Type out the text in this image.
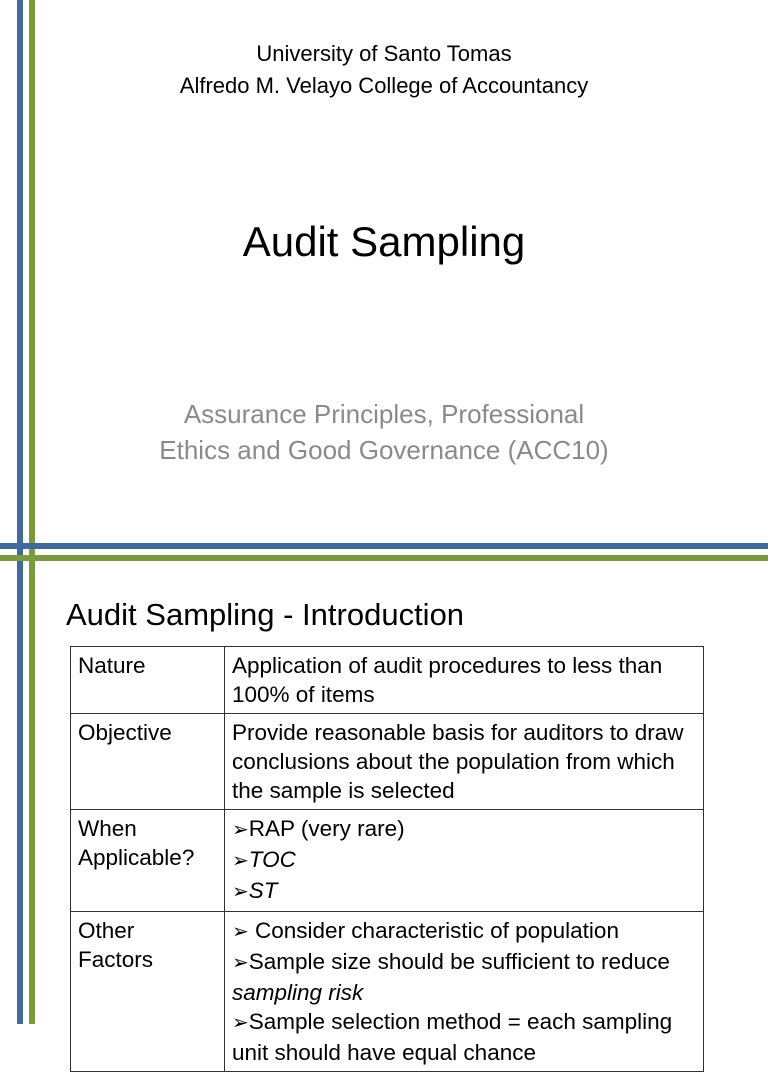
University of Santo Tomas
Alfredo M. Velayo College of Accountancy
Audit Sampling
Assurance Principles, Professional
Ethics and Good Governance (ACC10)
Audit Sampling - Introduction
Nature	Application of audit procedures to less than 100% of items
Objective	Provide reasonable basis for auditors to draw conclusions about the population from which the sample is selected

When
Applicable?	➢RAP (very rare)
➢TOC
➢ST

Other
Factors	➢ Consider characteristic of population
➢Sample size should be sufficient to reduce sampling risk
➢Sample selection method = each sampling unit should have equal chance
